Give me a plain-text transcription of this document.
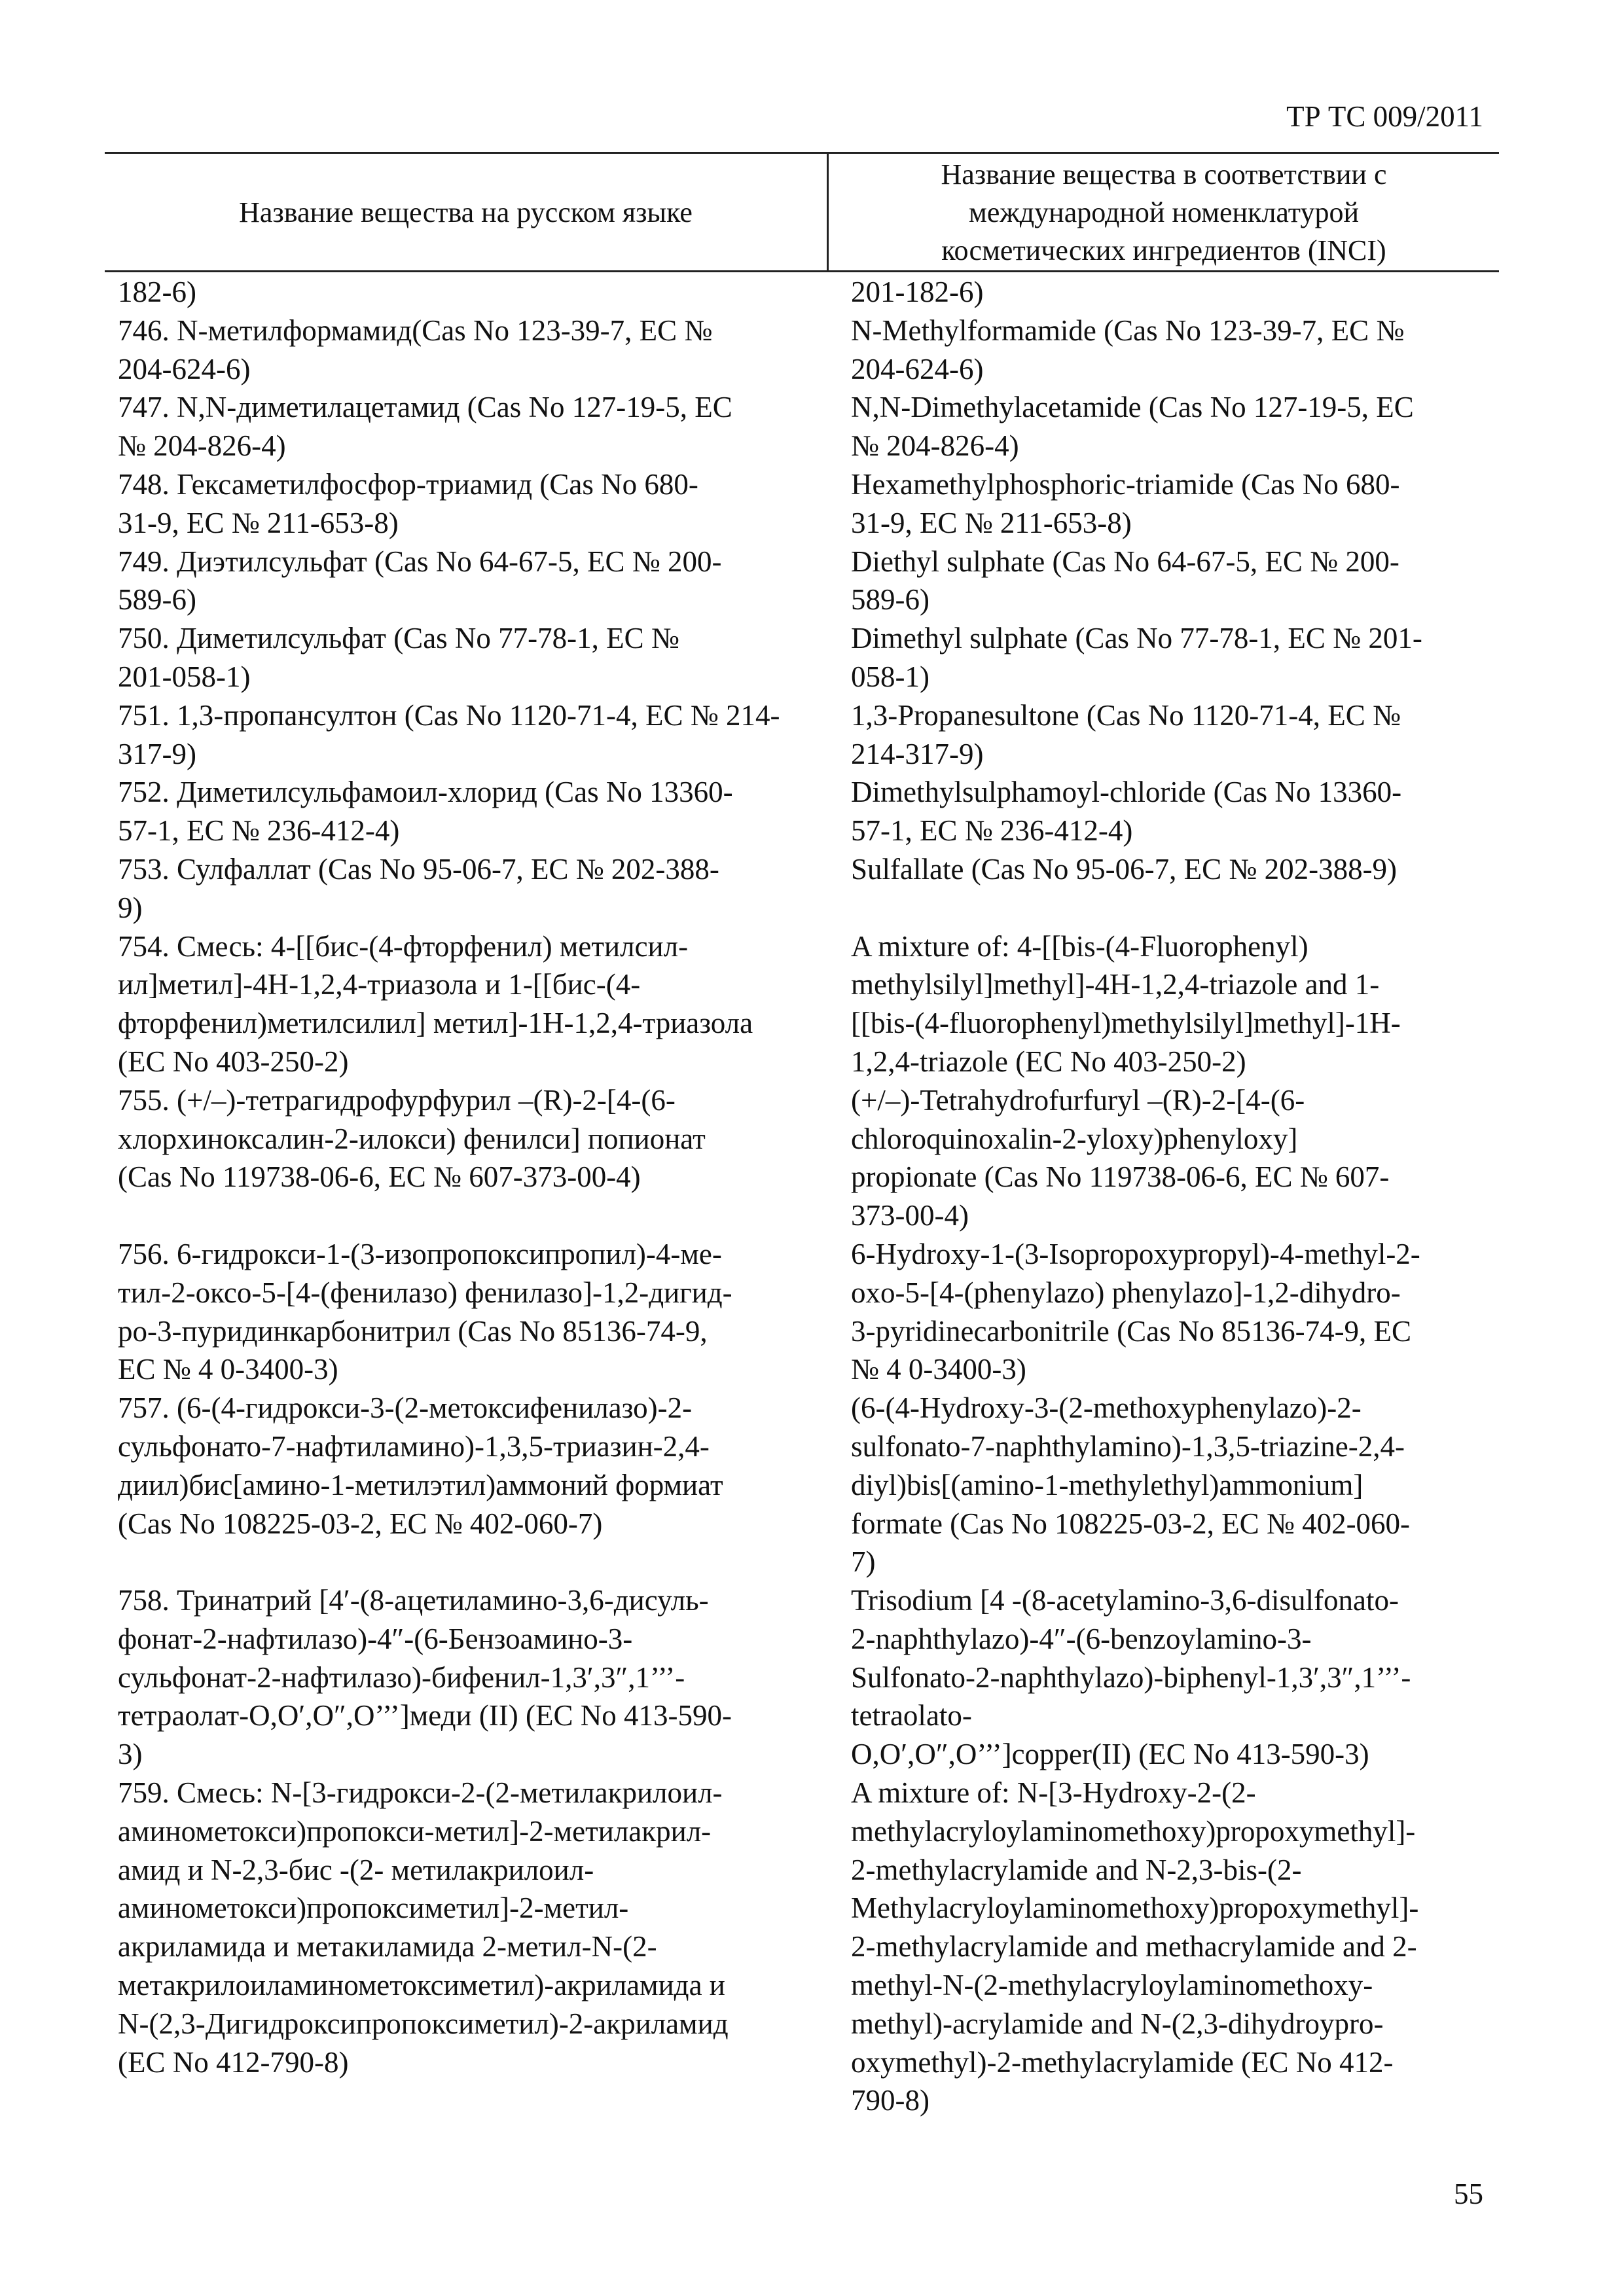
ТР ТС 009/2011
Название вещества на русском языке
Название вещества в соответствии с
международной номенклатурой
косметических ингредиентов (INCI)
182-6)	201-182-6)
746. N-метилформамид(Cas No 123-39-7, EC №
204-624-6)
N-Methylformamide (Cas No 123-39-7, EC №
204-624-6)
747. N,N-диметилацетамид (Cas No 127-19-5, EC
№ 204-826-4)
N,N-Dimethylacetamide (Cas No 127-19-5, EC
№ 204-826-4)
748. Гексаметилфосфор-триамид (Cas No 680-
31-9, EC № 211-653-8)
Hexamethylphosphoric-triamide (Cas No 680-
31-9, EC № 211-653-8)
749. Диэтилсульфат (Cas No 64-67-5, EC № 200-
589-6)
Diethyl sulphate (Cas No 64-67-5, EC № 200-
589-6)
750. Диметилсульфат (Cas No 77-78-1, EC №
201-058-1)
Dimethyl sulphate (Cas No 77-78-1, EC № 201-
058-1)
751. 1,3-пропансултон (Cas No 1120-71-4, EC № 214-
317-9)
1,3-Propanesultone (Cas No 1120-71-4, EC №
214-317-9)
752. Диметилсульфамоил-хлорид (Cas No 13360-
57-1, EC № 236-412-4)
Dimethylsulphamoyl-chloride (Cas No 13360-
57-1, EC № 236-412-4)
753. Сулфаллат (Cas No 95-06-7, EC № 202-388-
9)
Sulfallate (Cas No 95-06-7, EC № 202-388-9)
754. Смесь: 4-[[бис-(4-фторфенил) метилсил-
ил]метил]-4H-1,2,4-триазола и 1-[[бис-(4-
фторфенил)метилсилил] метил]-1H-1,2,4-триазола
(EC No 403-250-2)
A mixture of: 4-[[bis-(4-Fluorophenyl)
methylsilyl]methyl]-4H-1,2,4-triazole and 1-
[[bis-(4-fluorophenyl)methylsilyl]methyl]-1H-
1,2,4-triazole (EC No 403-250-2)
755. (+/–)-тетрагидрофурфурил –(R)-2-[4-(6-
хлорхиноксалин-2-илокси) фенилси] попионат
(Cas No 119738-06-6, EC № 607-373-00-4)
(+/–)-Tetrahydrofurfuryl –(R)-2-[4-(6-
chloroquinoxalin-2-yloxy)phenyloxy]
propionate (Cas No 119738-06-6, EC № 607-
373-00-4)
756. 6-гидрокси-1-(3-изопропоксипропил)-4-ме-
тил-2-оксо-5-[4-(фенилазо) фенилазо]-1,2-дигид-
ро-3-пуридинкарбонитрил (Cas No 85136-74-9,
EC № 4 0-3400-3)
6-Hydroxy-1-(3-Isopropoxypropyl)-4-methyl-2-
oxo-5-[4-(phenylazo) phenylazo]-1,2-dihydro-
3-pyridinecarbonitrile (Cas No 85136-74-9, EC
№ 4 0-3400-3)
757. (6-(4-гидрокси-3-(2-метоксифенилазо)-2-
сульфонато-7-нафтиламино)-1,3,5-триазин-2,4-
диил)бис[амино-1-метилэтил)аммоний формиат
(Cas No 108225-03-2, EC № 402-060-7)
(6-(4-Hydroxy-3-(2-methoxyphenylazo)-2-
sulfonato-7-naphthylamino)-1,3,5-triazine-2,4-
diyl)bis[(amino-1-methylethyl)ammonium]
formate (Cas No 108225-03-2, EC № 402-060-
7)
758. Тринатрий [4′-(8-ацетиламино-3,6-дисуль-
фонат-2-нафтилазо)-4″-(6-Бензоамино-3-
сульфонат-2-нафтилазо)-бифенил-1,3′,3″,1’’’-
тетраолат-O,O′,O″,O’’’]меди (II) (EC No 413-590-
3)
Trisodium [4 -(8-acetylamino-3,6-disulfonato-
2-naphthylazo)-4″-(6-benzoylamino-3-
Sulfonato-2-naphthylazo)-biphenyl-1,3′,3″,1’’’-
tetraolato-
O,O′,O″,O’’’]copper(II) (EC No 413-590-3)
759. Смесь: N-[3-гидрокси-2-(2-метилакрилоил-
аминометокси)пропокси-метил]-2-метилакрил-
амид и N-2,3-бис -(2- метилакрилоил-
аминометокси)пропоксиметил]-2-метил-
акриламида и метакиламида 2-метил-N-(2-
метакрилоиламинометоксиметил)-акриламида и
N-(2,3-Дигидроксипропоксиметил)-2-акриламид
(EC No 412-790-8)
A mixture of: N-[3-Hydroxy-2-(2-
methylacryloylaminomethoxy)propoxymethyl]-
2-methylacrylamide and N-2,3-bis-(2-
Methylacryloylaminomethoxy)propoxymethyl]-
2-methylacrylamide and methacrylamide and 2-
methyl-N-(2-methylacryloylaminomethoxy-
methyl)-acrylamide and N-(2,3-dihydroypro-
oxymethyl)-2-methylacrylamide (EC No 412-
790-8)
55
